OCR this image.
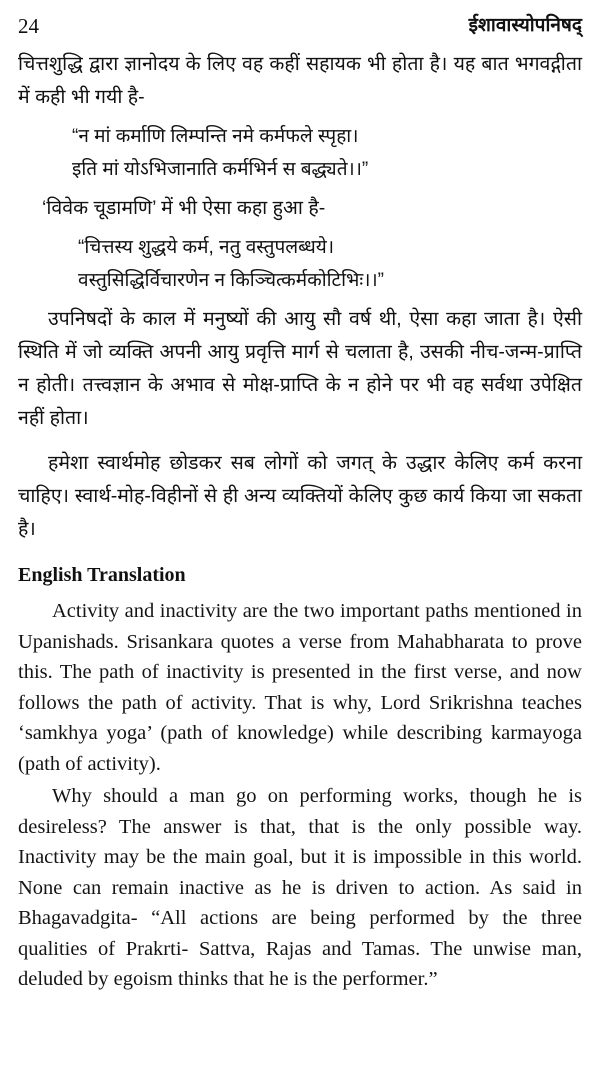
24	ईशावास्योपनिषद्

चित्तशुद्धि द्वारा ज्ञानोदय के लिए वह कहीं सहायक भी होता है। यह बात भगवद्गीता में कही भी गयी है-

“न मां कर्माणि लिम्पन्ति नमे कर्मफले स्पृहा।

इति मां योऽभिजानाति कर्मभिर्न स बद्ध्यते।।”

‘विवेक चूडामणि’ में भी ऐसा कहा हुआ है-

“चित्तस्य शुद्धये कर्म, नतु वस्तुपलब्धये।

वस्तुसिद्धिर्विचारणेन न किञ्चित्कर्मकोटिभिः।।”

उपनिषदों के काल में मनुष्यों की आयु सौ वर्ष थी, ऐसा कहा जाता है। ऐसी स्थिति में जो व्यक्ति अपनी आयु प्रवृत्ति मार्ग से चलाता है, उसकी नीच-जन्म-प्राप्ति न होती। तत्त्वज्ञान के अभाव से मोक्ष-प्राप्ति के न होने पर भी वह सर्वथा उपेक्षित नहीं होता।

हमेशा स्वार्थमोह छोडकर सब लोगों को जगत् के उद्धार केलिए कर्म करना चाहिए। स्वार्थ-मोह-विहीनों से ही अन्य व्यक्तियों केलिए कुछ कार्य किया जा सकता है।

English Translation

Activity and inactivity are the two important paths mentioned in Upanishads. Srisankara quotes a verse from Mahabharata to prove this. The path of inactivity is presented in the first verse, and now follows the path of activity. That is why, Lord Srikrishna teaches ‘samkhya yoga’ (path of knowledge) while describing karmayoga (path of activity).

Why should a man go on performing works, though he is desireless? The answer is that, that is the only possible way. Inactivity may be the main goal, but it is impossible in this world. None can remain inactive as he is driven to action. As said in Bhagavadgita- “All actions are being performed by the three qualities of Prakrti- Sattva, Rajas and Tamas. The unwise man, deluded by egoism thinks that he is the performer.”
